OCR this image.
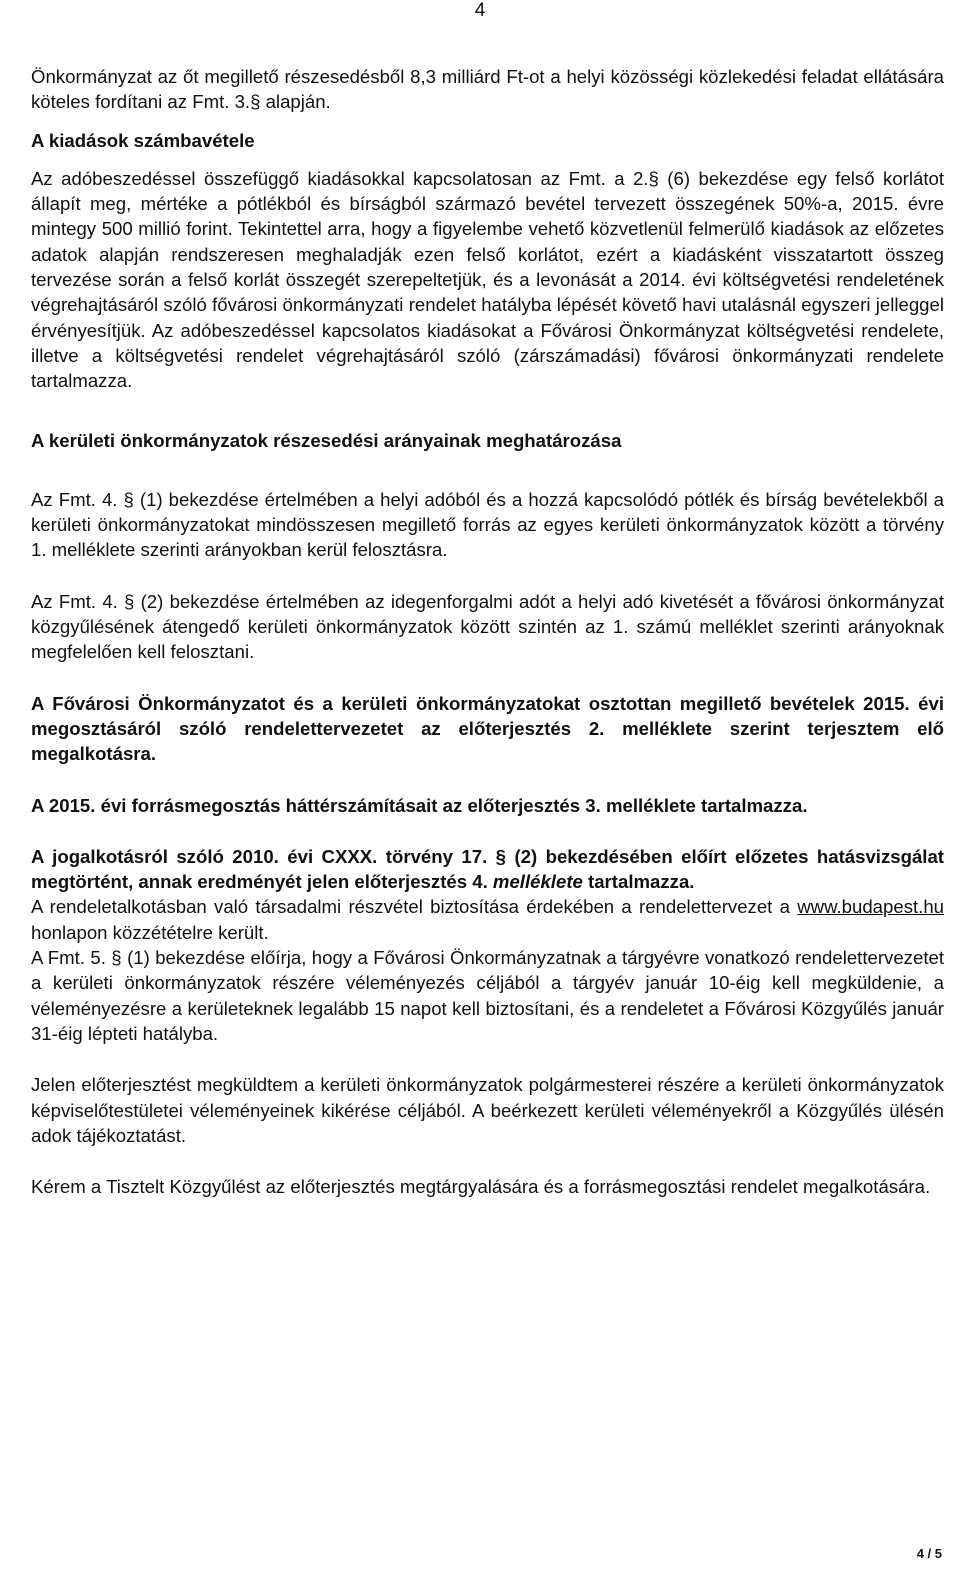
4

Önkormányzat az őt megillető részesedésből 8,3 milliárd Ft-ot a helyi közösségi közlekedési feladat ellátására köteles fordítani az Fmt. 3.§ alapján.

A kiadások számbavétele

Az adóbeszedéssel összefüggő kiadásokkal kapcsolatosan az Fmt. a 2.§ (6) bekezdése egy felső korlátot állapít meg, mértéke a pótlékból és bírságból származó bevétel tervezett összegének 50%-a, 2015. évre mintegy 500 millió forint. Tekintettel arra, hogy a figyelembe vehető közvetlenül felmerülő kiadások az előzetes adatok alapján rendszeresen meghaladják ezen felső korlátot, ezért a kiadásként visszatartott összeg tervezése során a felső korlát összegét szerepeltetjük, és a levonását a 2014. évi költségvetési rendeletének végrehajtásáról szóló fővárosi önkormányzati rendelet hatályba lépését követő havi utalásnál egyszeri jelleggel érvényesítjük. Az adóbeszedéssel kapcsolatos kiadásokat a Fővárosi Önkormányzat költségvetési rendelete, illetve a költségvetési rendelet végrehajtásáról szóló (zárszámadási) fővárosi önkormányzati rendelete tartalmazza.

A kerületi önkormányzatok részesedési arányainak meghatározása

Az Fmt. 4. § (1) bekezdése értelmében a helyi adóból és a hozzá kapcsolódó pótlék és bírság bevételekből a kerületi önkormányzatokat mindösszesen megillető forrás az egyes kerületi önkormányzatok között a törvény 1. melléklete szerinti arányokban kerül felosztásra.

Az Fmt. 4. § (2) bekezdése értelmében az idegenforgalmi adót a helyi adó kivetését a fővárosi önkormányzat közgyűlésének átengedő kerületi önkormányzatok között szintén az 1. számú melléklet szerinti arányoknak megfelelően kell felosztani.

A Fővárosi Önkormányzatot és a kerületi önkormányzatokat osztottan megillető bevételek 2015. évi megosztásáról szóló rendelettervezetet az előterjesztés 2. melléklete szerint terjesztem elő megalkotásra.

A 2015. évi forrásmegosztás háttérszámításait az előterjesztés 3. melléklete tartalmazza.

A jogalkotásról szóló 2010. évi CXXX. törvény 17. § (2) bekezdésében előírt előzetes hatásvizsgálat megtörtént, annak eredményét jelen előterjesztés 4. melléklete tartalmazza.

A rendeletalkotásban való társadalmi részvétel biztosítása érdekében a rendelettervezet a www.budapest.hu honlapon közzétételre került.

A Fmt. 5. § (1) bekezdése előírja, hogy a Fővárosi Önkormányzatnak a tárgyévre vonatkozó rendelettervezetet a kerületi önkormányzatok részére véleményezés céljából a tárgyév január 10-éig kell megküldenie, a véleményezésre a kerületeknek legalább 15 napot kell biztosítani, és a rendeletet a Fővárosi Közgyűlés január 31-éig lépteti hatályba.

Jelen előterjesztést megküldtem a kerületi önkormányzatok polgármesterei részére a kerületi önkormányzatok képviselőtestületei véleményeinek kikérése céljából. A beérkezett kerületi véleményekről a Közgyűlés ülésén adok tájékoztatást.

Kérem a Tisztelt Közgyűlést az előterjesztés megtárgyalására és a forrásmegosztási rendelet megalkotására.

4 / 5
